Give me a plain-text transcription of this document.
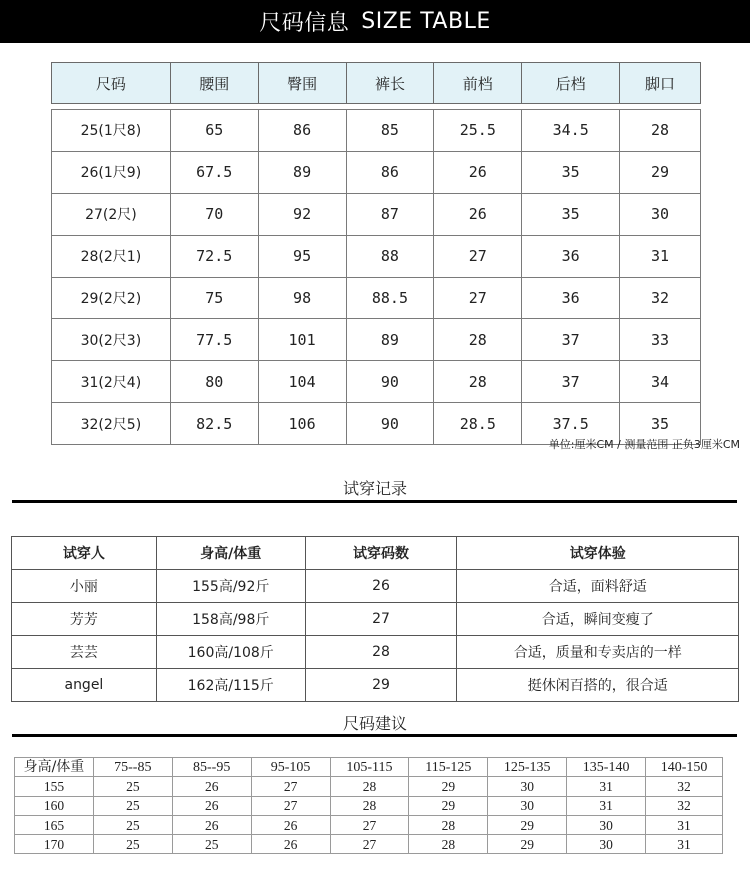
尺码信息 SIZE TABLE
尺码	腰围	臀围	裤长	前档	后档	脚口
25(1尺8)	65	86	85	25.5	34.5	28
26(1尺9)	67.5	89	86	26	35	29
27(2尺)	70	92	87	26	35	30
28(2尺1)	72.5	95	88	27	36	31
29(2尺2)	75	98	88.5	27	36	32
30(2尺3)	77.5	101	89	28	37	33
31(2尺4)	80	104	90	28	37	34
32(2尺5)	82.5	106	90	28.5	37.5	35
单位:厘米CM / 测量范围 正负3厘米CM
试穿记录
试穿人	身高/体重	试穿码数	试穿体验
小丽	155高/92斤	26	合适，面料舒适
芳芳	158高/98斤	27	合适，瞬间变瘦了
芸芸	160高/108斤	28	合适，质量和专卖店的一样
angel	162高/115斤	29	挺休闲百搭的，很合适
尺码建议
身高/体重	75--85	85--95	95-105	105-115	115-125	125-135	135-140	140-150
155	25	26	27	28	29	30	31	32
160	25	26	27	28	29	30	31	32
165	25	26	26	27	28	29	30	31
170	25	25	26	27	28	29	30	31
